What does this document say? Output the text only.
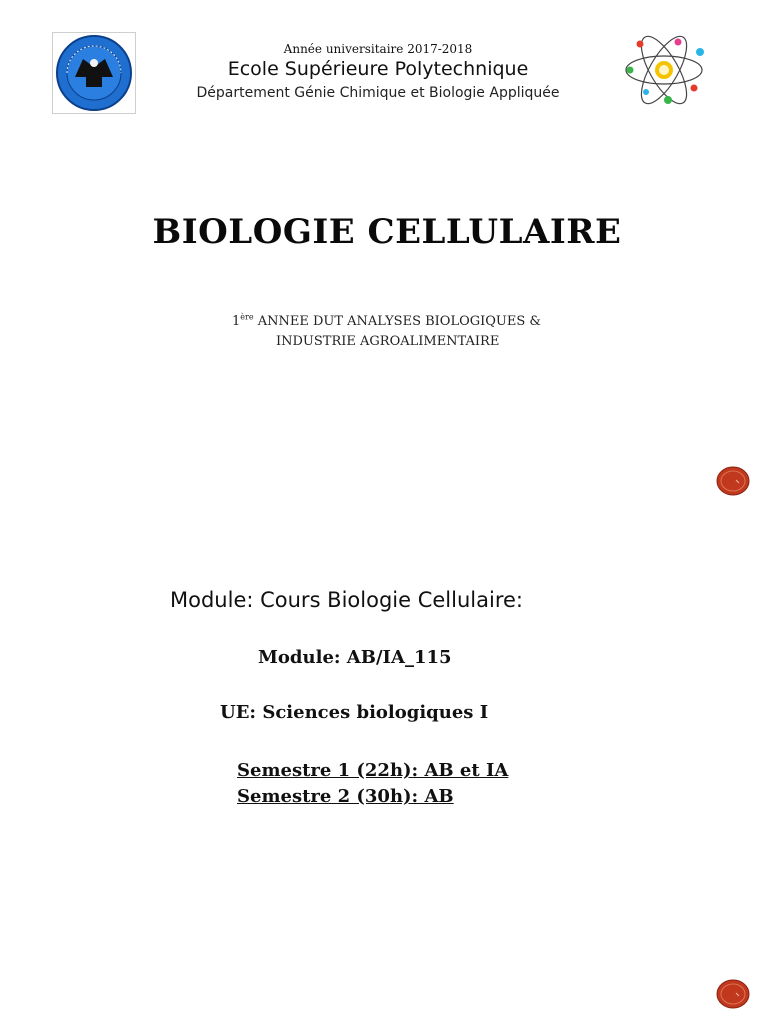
Année universitaire 2017-2018
Ecole Supérieure Polytechnique
Département Génie Chimique et Biologie Appliquée
BIOLOGIE CELLULAIRE
1ère ANNEE DUT ANALYSES BIOLOGIQUES &
INDUSTRIE AGROALIMENTAIRE
Module: Cours Biologie Cellulaire:
Module: AB/IA_115
UE: Sciences biologiques I
Semestre 1 (22h): AB et IA
Semestre 2 (30h): AB
